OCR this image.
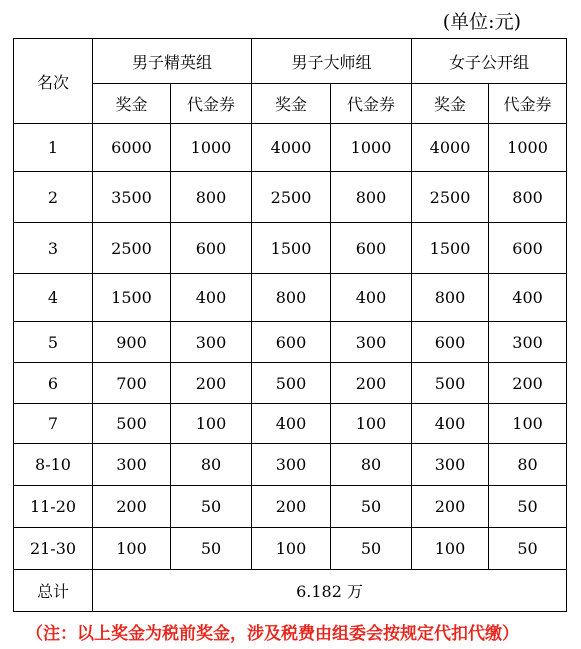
(单位:元)
名次	男子精英组		男子大师组		女子公开组	
	奖金	代金券	奖金	代金券	奖金	代金券
1	6000	1000	4000	1000	4000	1000
2	3500	800	2500	800	2500	800
3	2500	600	1500	600	1500	600
4	1500	400	800	400	800	400
5	900	300	600	300	600	300
6	700	200	500	200	500	200
7	500	100	400	100	400	100
8-10	300	80	300	80	300	80
11-20	200	50	200	50	200	50
21-30	100	50	100	50	100	50
总计	6.182 万					
（注：以上奖金为税前奖金，涉及税费由组委会按规定代扣代缴）
